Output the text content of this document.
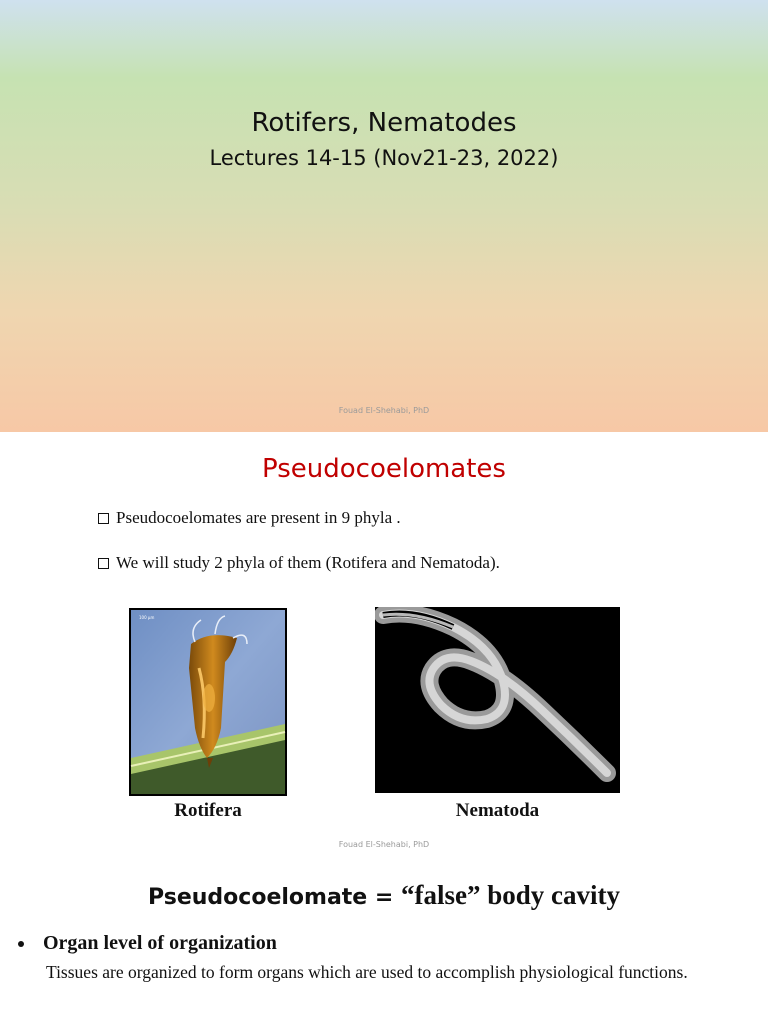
Rotifers, Nematodes
Lectures 14-15 (Nov21-23, 2022)
Fouad El-Shehabi, PhD
Pseudocoelomates
Pseudocoelomates are present in 9 phyla .
We will study 2 phyla of them (Rotifera and Nematoda).
100 µm
Rotifera	Nematoda
Fouad El-Shehabi, PhD
Pseudocoelomate = “false” body cavity
Organ level of organization
Tissues are organized to form organs which are used to accomplish physiological functions.
